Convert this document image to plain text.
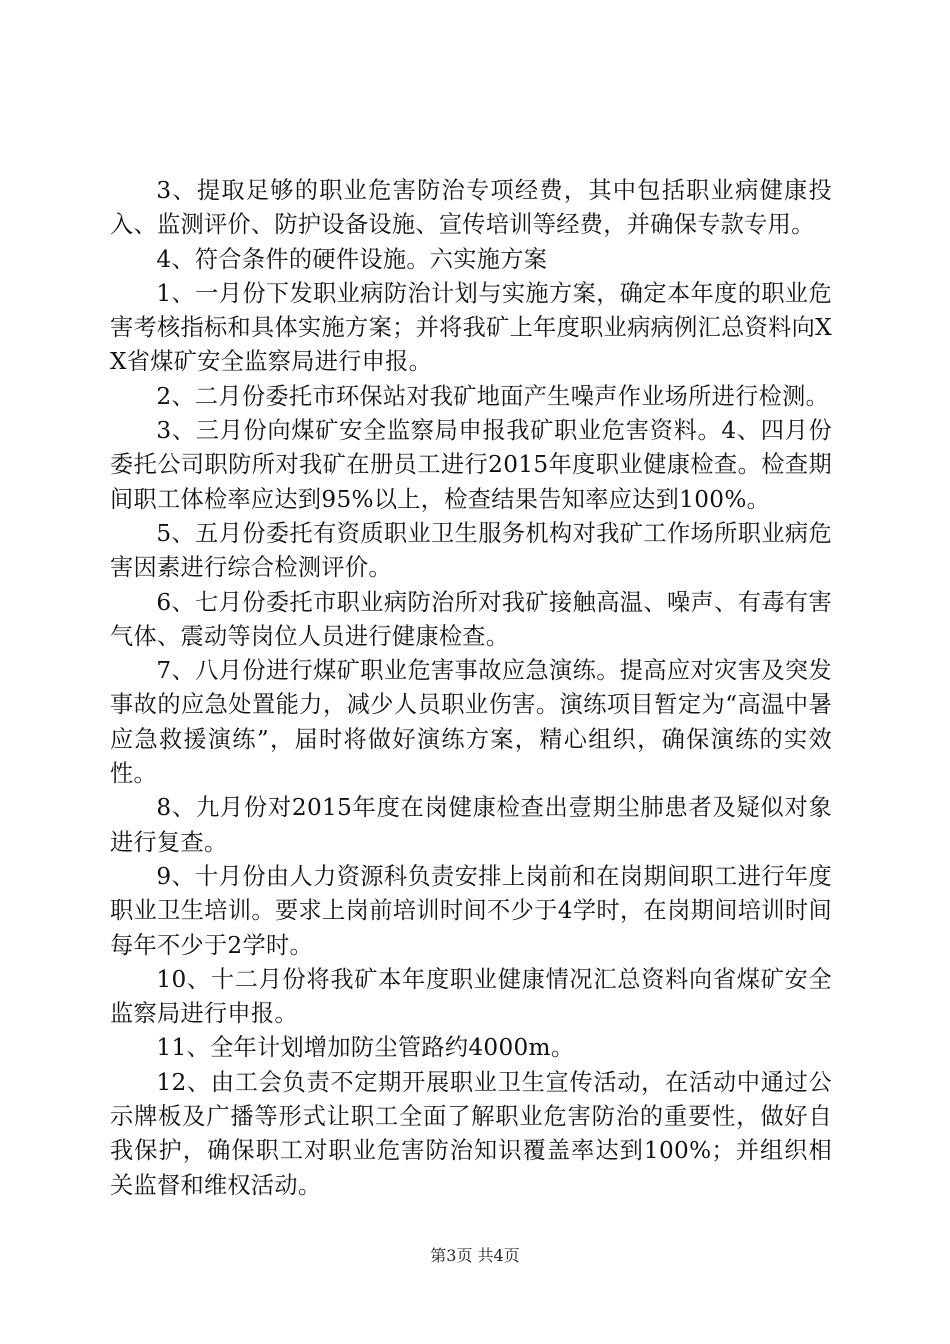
3、提取足够的职业危害防治专项经费，其中包括职业病健康投入、监测评价、防护设备设施、宣传培训等经费，并确保专款专用。

4、符合条件的硬件设施。六实施方案

1、一月份下发职业病防治计划与实施方案，确定本年度的职业危害考核指标和具体实施方案；并将我矿上年度职业病病例汇总资料向XX省煤矿安全监察局进行申报。

2、二月份委托市环保站对我矿地面产生噪声作业场所进行检测。

3、三月份向煤矿安全监察局申报我矿职业危害资料。4、四月份委托公司职防所对我矿在册员工进行2015年度职业健康检查。检查期间职工体检率应达到95%以上，检查结果告知率应达到100%。

5、五月份委托有资质职业卫生服务机构对我矿工作场所职业病危害因素进行综合检测评价。

6、七月份委托市职业病防治所对我矿接触高温、噪声、有毒有害气体、震动等岗位人员进行健康检查。

7、八月份进行煤矿职业危害事故应急演练。提高应对灾害及突发事故的应急处置能力，减少人员职业伤害。演练项目暂定为“高温中暑应急救援演练”，届时将做好演练方案，精心组织，确保演练的实效性。

8、九月份对2015年度在岗健康检查出壹期尘肺患者及疑似对象进行复查。

9、十月份由人力资源科负责安排上岗前和在岗期间职工进行年度职业卫生培训。要求上岗前培训时间不少于4学时，在岗期间培训时间每年不少于2学时。

10、十二月份将我矿本年度职业健康情况汇总资料向省煤矿安全监察局进行申报。

11、全年计划增加防尘管路约4000m。

12、由工会负责不定期开展职业卫生宣传活动，在活动中通过公示牌板及广播等形式让职工全面了解职业危害防治的重要性，做好自我保护，确保职工对职业危害防治知识覆盖率达到100%；并组织相关监督和维权活动。

第3页 共4页
